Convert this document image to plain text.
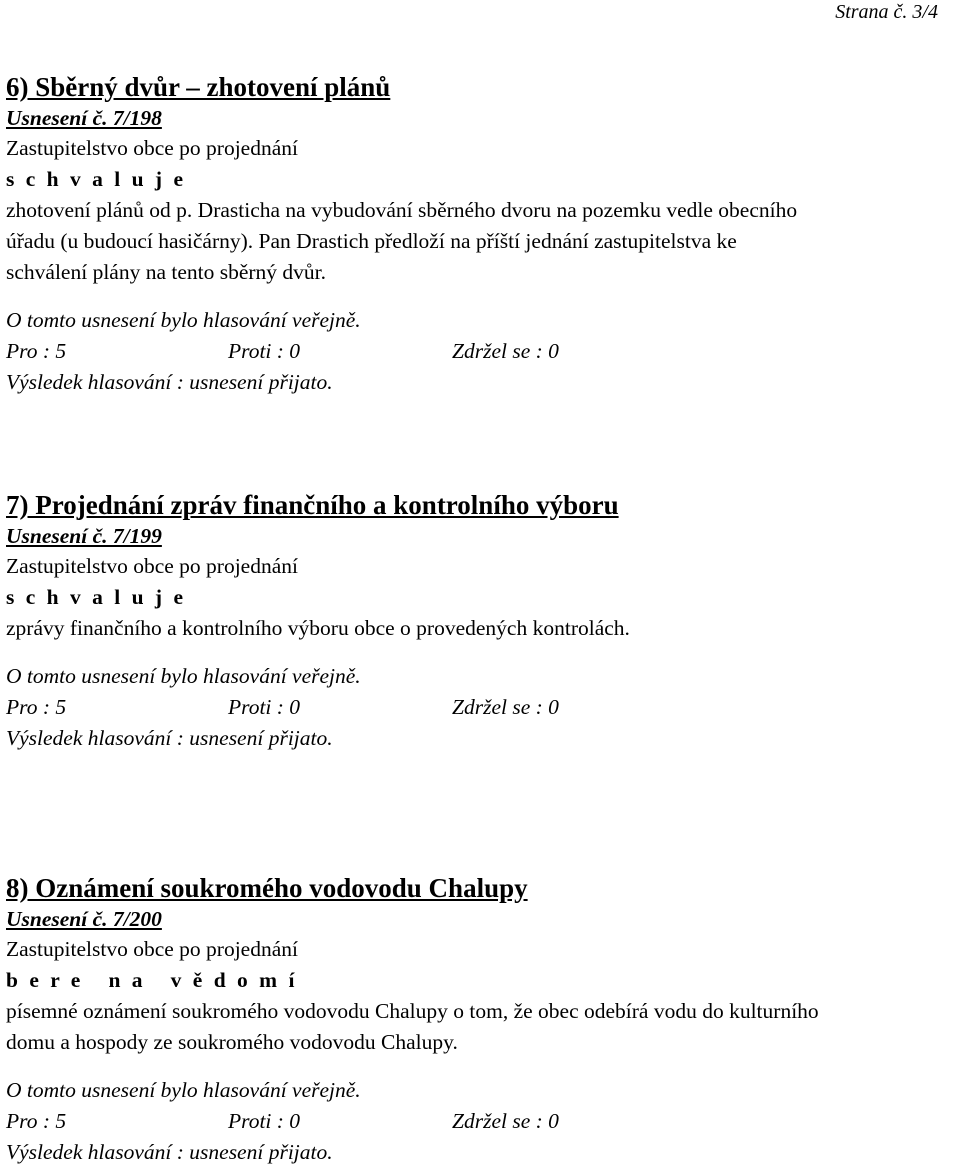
Strana č. 3/4
6) Sběrný dvůr – zhotovení plánů
Usnesení č. 7/198
Zastupitelstvo obce po projednání
s c h v a l u j e
zhotovení plánů od p. Drasticha na vybudování sběrného dvoru na pozemku vedle obecního
úřadu (u budoucí hasičárny). Pan Drastich předloží na příští jednání zastupitelstva ke
schválení plány na tento sběrný dvůr.
O tomto usnesení bylo hlasování veřejně.
Pro : 5	Proti : 0	Zdržel se : 0
Výsledek hlasování : usnesení přijato.
7) Projednání zpráv finančního a kontrolního výboru
Usnesení č. 7/199
Zastupitelstvo obce po projednání
s c h v a l u j e
zprávy finančního a kontrolního výboru obce o provedených kontrolách.
O tomto usnesení bylo hlasování veřejně.
Pro : 5	Proti : 0	Zdržel se : 0
Výsledek hlasování : usnesení přijato.
8) Oznámení soukromého vodovodu Chalupy
Usnesení č. 7/200
Zastupitelstvo obce po projednání
b e r e   n a   v ě d o m í
písemné oznámení soukromého vodovodu Chalupy o tom, že obec odebírá vodu do kulturního
domu a hospody ze soukromého vodovodu Chalupy.
O tomto usnesení bylo hlasování veřejně.
Pro : 5	Proti : 0	Zdržel se : 0
Výsledek hlasování : usnesení přijato.
